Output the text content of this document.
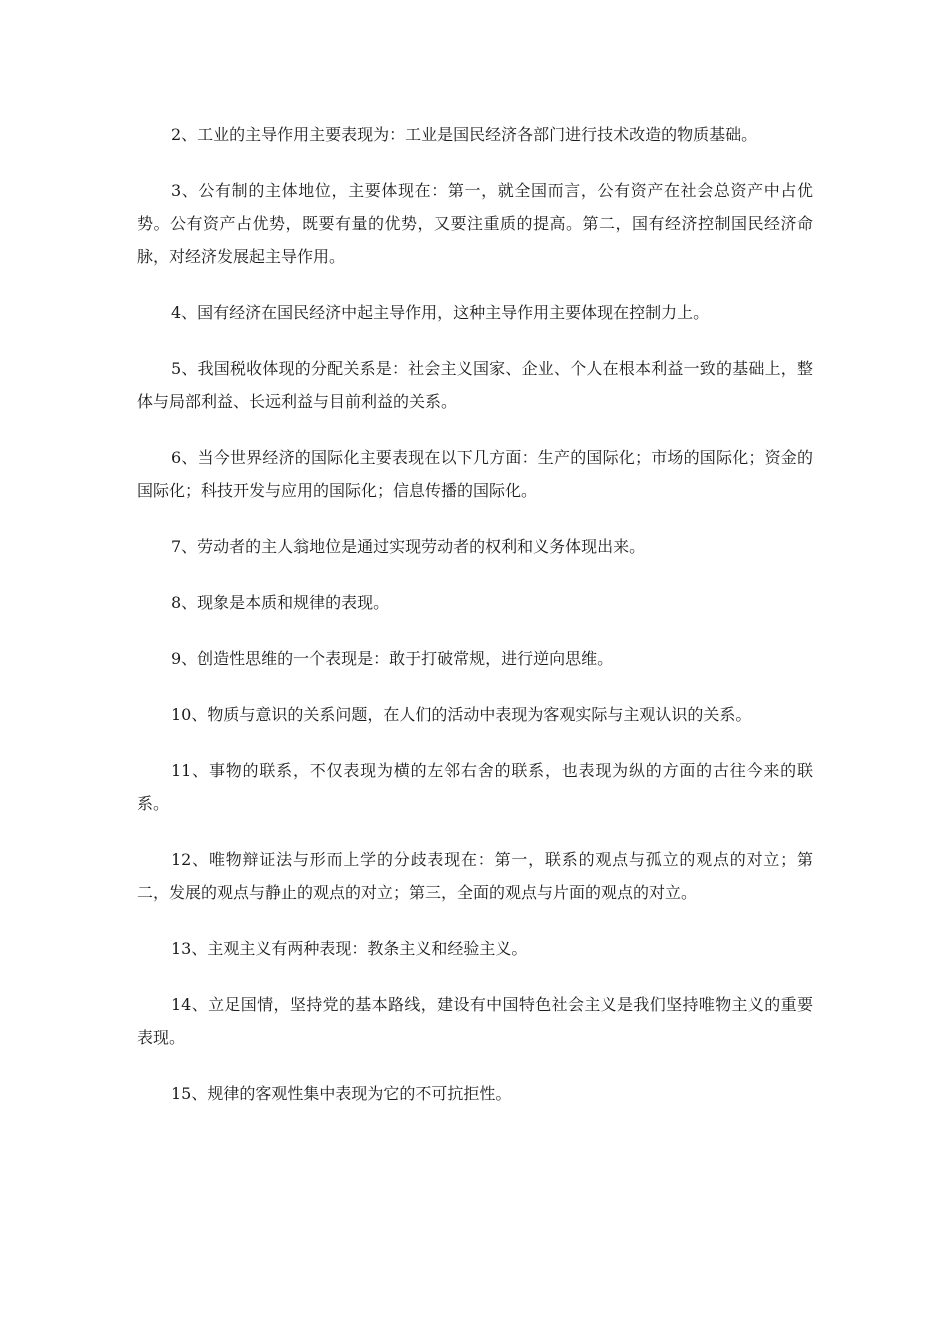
2、工业的主导作用主要表现为：工业是国民经济各部门进行技术改造的物质基础。

3、公有制的主体地位，主要体现在：第一，就全国而言，公有资产在社会总资产中占优势。公有资产占优势，既要有量的优势，又要注重质的提高。第二，国有经济控制国民经济命脉，对经济发展起主导作用。

4、国有经济在国民经济中起主导作用，这种主导作用主要体现在控制力上。

5、我国税收体现的分配关系是：社会主义国家、企业、个人在根本利益一致的基础上，整体与局部利益、长远利益与目前利益的关系。

6、当今世界经济的国际化主要表现在以下几方面：生产的国际化；市场的国际化；资金的国际化；科技开发与应用的国际化；信息传播的国际化。

7、劳动者的主人翁地位是通过实现劳动者的权利和义务体现出来。

8、现象是本质和规律的表现。

9、创造性思维的一个表现是：敢于打破常规，进行逆向思维。

10、物质与意识的关系问题，在人们的活动中表现为客观实际与主观认识的关系。

11、事物的联系，不仅表现为横的左邻右舍的联系，也表现为纵的方面的古往今来的联系。

12、唯物辩证法与形而上学的分歧表现在：第一，联系的观点与孤立的观点的对立；第二，发展的观点与静止的观点的对立；第三，全面的观点与片面的观点的对立。

13、主观主义有两种表现：教条主义和经验主义。

14、立足国情，坚持党的基本路线，建设有中国特色社会主义是我们坚持唯物主义的重要表现。

15、规律的客观性集中表现为它的不可抗拒性。
